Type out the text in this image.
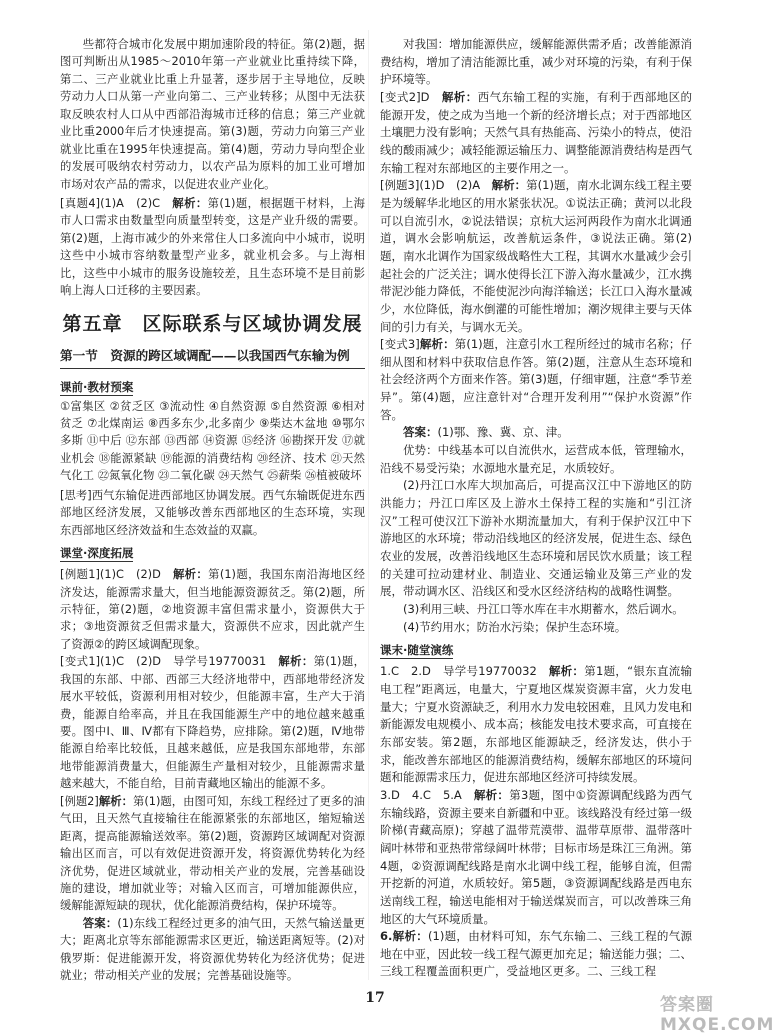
些都符合城市化发展中期加速阶段的特征。第(2)题，据图可判断出从1985～2010年第一产业就业比重持续下降，第二、三产业就业比重上升显著，逐步居于主导地位，反映劳动力人口从第一产业向第二、三产业转移；从图中无法获取反映农村人口从中西部沿海城市迁移的信息；第三产业就业比重2000年后才快速提高。第(3)题，劳动力向第三产业就业比重在1995年快速提高。第(4)题，劳动力导向型企业的发展可吸纳农村劳动力，以农产品为原料的加工业可增加市场对农产品的需求，以促进农业产业化。

[真题4](1)A　(2)C　解析：第(1)题，根据题干材料，上海市人口需求由数量型向质量型转变，这是产业升级的需要。第(2)题，上海市减少的外来常住人口多流向中小城市，说明这些中小城市容纳数量型产业多，就业机会多。与上海相比，这些中小城市的服务设施较差，且生态环境不是目前影响上海人口迁移的主要因素。

第五章　区际联系与区域协调发展
第一节　资源的跨区域调配——以我国西气东输为例
课前·教材预案

①富集区 ②贫乏区 ③流动性 ④自然资源 ⑤自然资源 ⑥相对贫乏 ⑦北煤南运 ⑧西多东少,北多南少 ⑨柴达木盆地 ⑩鄂尔多斯 ⑪中后 ⑫东部 ⑬西部 ⑭资源 ⑮经济 ⑯勘探开发 ⑰就业机会 ⑱能源紧缺 ⑲能源的消费结构 ⑳经济、技术 ㉑天然气化工 ㉒氮氧化物 ㉓二氧化碳 ㉔天然气 ㉕薪柴 ㉖植被破坏

[思考]西气东输促进西部地区协调发展。西气东输既促进东西部地区经济发展，又能够改善东西部地区的生态环境，实现东西部地区经济效益和生态效益的双赢。

课堂·深度拓展

[例题1](1)C　(2)D　解析：第(1)题，我国东南沿海地区经济发达，能源需求量大，但当地能源资源贫乏。第(2)题，所示特征，第(2)题，②地资源丰富但需求量小，资源供大于求；③地资源贫乏但需求量大，资源供不应求，因此就产生了资源②的跨区域调配现象。

[变式1](1)C　(2)D　导学号19770031　解析：第(1)题，我国的东部、中部、西部三大经济地带中，西部地带经济发展水平较低，资源利用相对较少，但能源丰富，生产大于消费，能源自给率高，并且在我国能源生产中的地位越来越重要。图中Ⅰ、Ⅲ、Ⅳ都有下降趋势，应排除。第(2)题，Ⅳ地带能源自给率比较低，且越来越低，应是我国东部地带，东部地带能源消费量大，但能源生产量相对较少，且能源需求量越来越大，不能自给，目前青藏地区输出的能源不多。

[例题2]解析：第(1)题，由图可知，东线工程经过了更多的油气田，且天然气直接输往在能源紧张的东部地区，缩短输送距离，提高能源输送效率。第(2)题，资源跨区域调配对资源输出区而言，可以有效促进资源开发，将资源优势转化为经济优势，促进区域就业，带动相关产业的发展，完善基础设施的建设，增加就业等；对输入区而言，可增加能源供应，缓解能源短缺的现状，优化能源消费结构，保护环境等。

答案：(1)东线工程经过更多的油气田，天然气输送量更大；距离北京等东部能源需求区更近，输送距离短等。(2)对俄罗斯：促进能源开发，将资源优势转化为经济优势；促进就业；带动相关产业的发展；完善基础设施等。

对我国：增加能源供应，缓解能源供需矛盾；改善能源消费结构，增加了清洁能源比重，减少对环境的污染，有利于保护环境等。

[变式2]D　解析：西气东输工程的实施，有利于西部地区的能源开发，使之成为当地一个新的经济增长点；对于西部地区土壤肥力没有影响；天然气具有热能高、污染小的特点，使沿线的酸雨减少；减轻能源运输压力、调整能源消费结构是西气东输工程对东部地区的主要作用之一。

[例题3](1)D　(2)A　解析：第(1)题，南水北调东线工程主要是为缓解华北地区的用水紧张状况。①说法正确；黄河以北段可以自流引水，②说法错误；京杭大运河两段作为南水北调通道，调水会影响航运，改善航运条件，③说法正确。第(2)题，南水北调作为国家级战略性大工程，其调水水量减少会引起社会的广泛关注；调水使得长江下游入海水量减少，江水携带泥沙能力降低，不能使泥沙向海洋输送；长江口入海水量减少，水位降低，海水倒灌的可能性增加；潮汐规律主要与天体间的引力有关，与调水无关。

[变式3]解析：第(1)题，注意引水工程所经过的城市名称；仔细从图和材料中获取信息作答。第(2)题，注意从生态环境和社会经济两个方面来作答。第(3)题，仔细审题，注意“季节差异”。第(4)题，应注意针对“合理开发利用”“保护水资源”作答。

答案：(1)鄂、豫、冀、京、津。

优势：中线基本可以自流供水，运营成本低，管理输水，沿线不易受污染；水源地水量充足，水质较好。

(2)丹江口水库大坝加高后，可提高汉江中下游地区的防洪能力；丹江口库区及上游水土保持工程的实施和“引江济汉”工程可使汉江下游补水期流量加大，有利于保护汉江中下游地区的水环境；带动沿线地区的经济发展，促进生态、绿色农业的发展，改善沿线地区生态环境和居民饮水质量；该工程的关建可拉动建材业、制造业、交通运输业及第三产业的发展，带动调水区、沿线区和受水区经济结构的战略性调整。

(3)利用三峡、丹江口等水库在丰水期蓄水，然后调水。

(4)节约用水；防治水污染；保护生态环境。

课末·随堂演练

1.C　2.D　导学号19770032　解析：第1题，“银东直流输电工程”距离远，电量大，宁夏地区煤炭资源丰富，火力发电量大；宁夏水资源缺乏，利用水力发电较困难，且风力发电和新能源发电规模小、成本高；核能发电技术要求高，可直接在东部安装。第2题，东部地区能源缺乏，经济发达，供小于求，能改善东部地区的能源消费结构，缓解东部地区的环境问题和能源需求压力，促进东部地区经济可持续发展。

3.D　4.C　5.A　解析：第3题，图中①资源调配线路为西气东输线路，资源主要来自新疆和中亚。该线路没有经过第一级阶梯(青藏高原)；穿越了温带荒漠带、温带草原带、温带落叶阔叶林带和亚热带常绿阔叶林带；目标市场是珠江三角洲。第4题，②资源调配线路是南水北调中线工程，能够自流，但需开挖新的河道，水质较好。第5题，③资源调配线路是西电东送南线工程，输送电能相对于输送煤炭而言，可以改善珠三角地区的大气环境质量。

6.解析：(1)题，由材料可知，东气东输二、三线工程的气源地在中亚，因此较一线工程气源更加充足；输送能力强；二、三线工程覆盖面积更广，受益地区更多。二、三线工程

17	答案圈 MXQE.COM
